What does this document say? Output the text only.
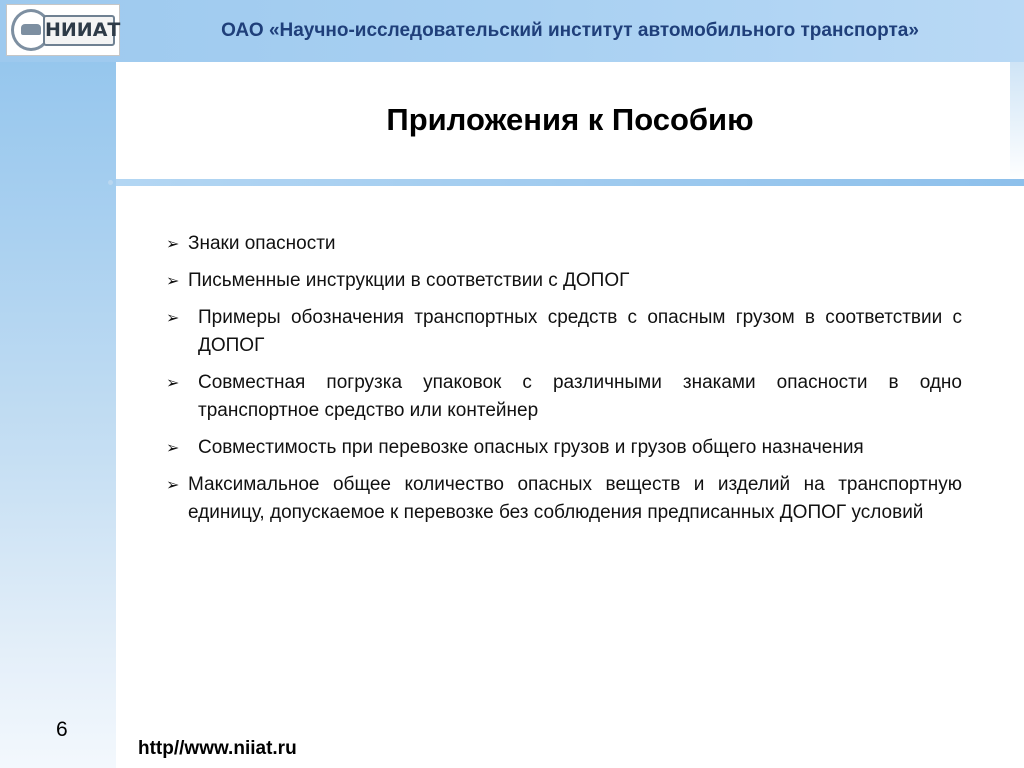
НИИАТ	ОАО «Научно-исследовательский институт автомобильного транспорта»
Приложения к Пособию
➢ Знаки опасности
➢ Письменные инструкции в соответствии с ДОПОГ
➢ Примеры обозначения транспортных средств с опасным грузом в соответствии с ДОПОГ
➢ Совместная погрузка упаковок с различными знаками опасности в одно транспортное средство или контейнер
➢ Совместимость при перевозке опасных грузов и грузов общего назначения
➢ Максимальное общее количество опасных веществ и изделий на транспортную единицу, допускаемое к перевозке без соблюдения предписанных ДОПОГ условий
6
http//www.niiat.ru
